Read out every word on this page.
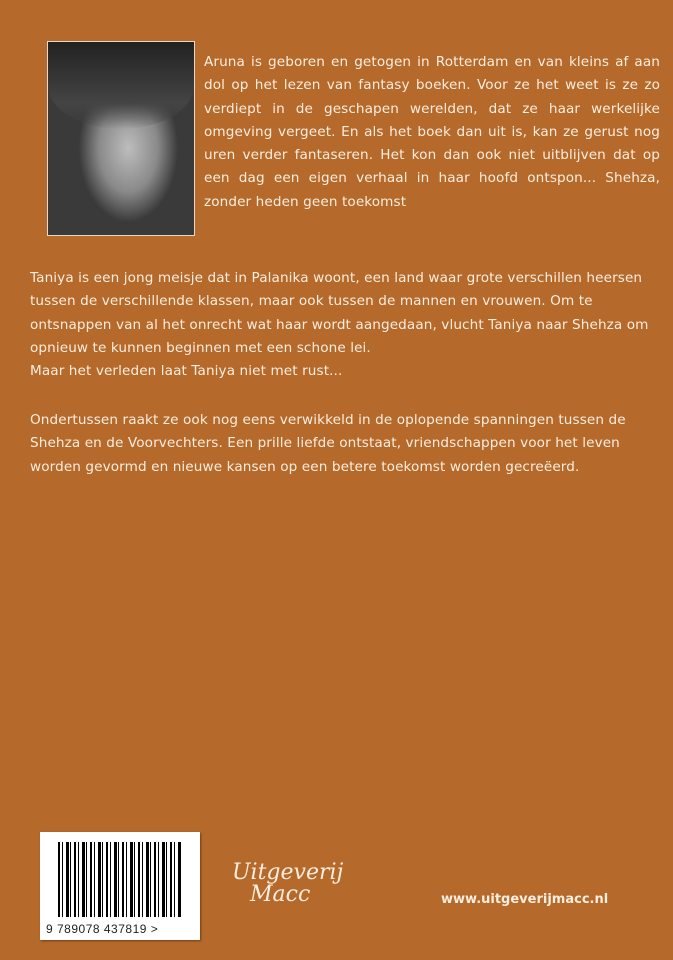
Aruna is geboren en getogen in Rotterdam en van kleins af aan dol op het lezen van fantasy boeken. Voor ze het weet is ze zo verdiept in de geschapen werelden, dat ze haar werkelijke omgeving vergeet. En als het boek dan uit is, kan ze gerust nog uren verder fantaseren. Het kon dan ook niet uitblijven dat op een dag een eigen verhaal in haar hoofd ontspon... Shehza, zonder heden geen toekomst
Taniya is een jong meisje dat in Palanika woont, een land waar grote verschillen heersen tussen de verschillende klassen, maar ook tussen de mannen en vrouwen. Om te ontsnappen van al het onrecht wat haar wordt aangedaan, vlucht Taniya naar Shehza om opnieuw te kunnen beginnen met een schone lei.
Maar het verleden laat Taniya niet met rust...
Ondertussen raakt ze ook nog eens verwikkeld in de oplopende spanningen tussen de Shehza en de Voorvechters. Een prille liefde ontstaat, vriendschappen voor het leven worden gevormd en nieuwe kansen op een betere toekomst worden gecreëerd.
9 789078 437819 >
Uitgeverij
Macc	www.uitgeverijmacc.nl
